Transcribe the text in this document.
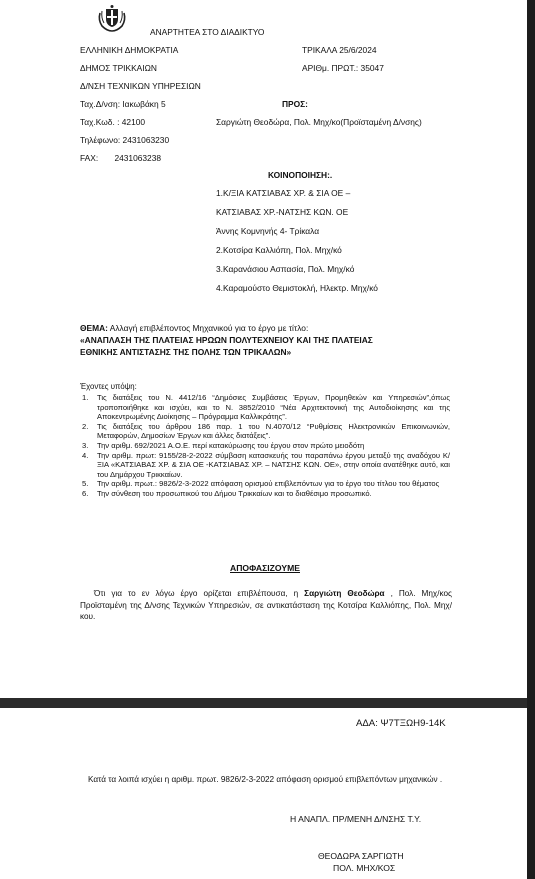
ΑΝΑΡΤΗΤΕΑ ΣΤΟ ΔΙΑΔΙΚΤΥΟ
ΕΛΛΗΝΙΚΗ ΔΗΜΟΚΡΑΤΙΑ
ΔΗΜΟΣ ΤΡΙΚΚΑΙΩΝ
Δ/ΝΣΗ ΤΕΧΝΙΚΩΝ ΥΠΗΡΕΣΙΩΝ
ΤΡΙΚΑΛΑ 25/6/2024
ΑΡΙΘμ. ΠΡΩΤ.: 35047
Ταχ.Δ/νση: Ιακωβάκη 5
Ταχ.Κωδ. : 42100
Τηλέφωνο: 2431063230
FAX:       2431063238
ΠΡΟΣ:
Σαργιώτη Θεοδώρα, Πολ. Μηχ/κο(Προϊσταμένη Δ/νσης)
ΚΟΙΝΟΠΟΙΗΣΗ:.
1.Κ/ΞΙΑ ΚΑΤΣΙΑΒΑΣ ΧΡ. & ΣΙΑ ΟΕ –
ΚΑΤΣΙΑΒΑΣ ΧΡ.-ΝΑΤΣΗΣ ΚΩΝ. ΟΕ
Άννης Κομνηνής 4- Τρίκαλα
2.Κοτσίρα Καλλιόπη, Πολ. Μηχ/κό
3.Καρανάσιου Ασπασία, Πολ. Μηχ/κό
4.Καραμούστο Θεμιστοκλή, Ηλεκτρ. Μηχ/κό
ΘΕΜΑ: Αλλαγή επιβλέποντος Μηχανικού για το έργο με τίτλο:
«ΑΝΑΠΛΑΣΗ ΤΗΣ ΠΛΑΤΕΙΑΣ ΗΡΩΩΝ ΠΟΛΥΤΕΧΝΕΙΟΥ ΚΑΙ ΤΗΣ ΠΛΑΤΕΙΑΣ
ΕΘΝΙΚΗΣ ΑΝΤΙΣΤΑΣΗΣ ΤΗΣ ΠΟΛΗΣ ΤΩΝ ΤΡΙΚΑΛΩΝ»
Έχοντες υπόψη:
1. Τις διατάξεις του Ν. 4412/16 “Δημόσιες Συμβάσεις Έργων, Προμηθειών και Υπηρεσιών”,όπως τροποποιήθηκε και ισχύει, και το Ν. 3852/2010 “Νέα Αρχιτεκτονική της Αυτοδιοίκησης και της Αποκεντρωμένης Διοίκησης – Πρόγραμμα Καλλικράτης”.
2. Τις διατάξεις του άρθρου 186 παρ. 1 του Ν.4070/12 “Ρυθμίσεις Ηλεκτρονικών Επικοινωνιών, Μεταφορών, Δημοσίων Έργων και άλλες διατάξεις”.
3. Την αριθμ. 692/2021 Α.Ο.Ε. περί κατακύρωσης του έργου στον πρώτο μειοδότη
4. Την αριθμ. πρωτ: 9155/28-2-2022 σύμβαση κατασκευής του παραπάνω έργου μεταξύ της αναδόχου Κ/ΞΙΑ «ΚΑΤΣΙΑΒΑΣ ΧΡ. & ΣΙΑ ΟΕ -ΚΑΤΣΙΑΒΑΣ ΧΡ. – ΝΑΤΣΗΣ ΚΩΝ. ΟΕ», στην οποία ανατέθηκε αυτό, και του Δημάρχου Τρικκαίων.
5. Την αριθμ. πρωτ.: 9826/2-3-2022 απόφαση ορισμού επιβλεπόντων για το έργο του τίτλου του θέματος
6. Την σύνθεση του προσωπικού του Δήμου Τρικκαίων και το διαθέσιμο προσωπικό.
ΑΠΟΦΑΣΙΖΟΥΜΕ
Ότι για το εν λόγω έργο ορίζεται επιβλέπουσα, η Σαργιώτη Θεοδώρα , Πολ. Μηχ/κος Προϊσταμένη της Δ/νσης Τεχνικών Υπηρεσιών, σε αντικατάσταση της Κοτσίρα Καλλιόπης, Πολ. Μηχ/κου.
ΑΔΑ: Ψ7ΤΞΩΗ9-14Κ
Κατά τα λοιπά ισχύει η αριθμ. πρωτ. 9826/2-3-2022 απόφαση ορισμού επιβλεπόντων μηχανικών .
Η ΑΝΑΠΛ. ΠΡ/ΜΕΝΗ Δ/ΝΣΗΣ Τ.Υ.
ΘΕΟΔΩΡΑ ΣΑΡΓΙΩΤΗ
ΠΟΛ. ΜΗΧ/ΚΟΣ
